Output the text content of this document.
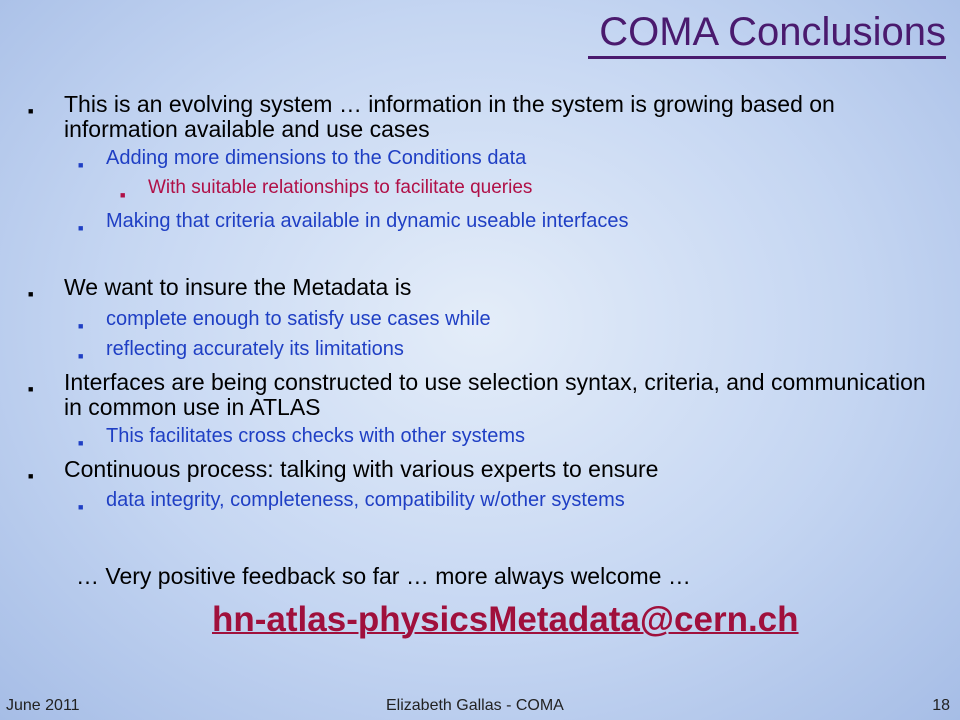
COMA Conclusions
■ This is an evolving system … information in the system is growing based on information available and use cases
■ Adding more dimensions to the Conditions data
■ With suitable relationships to facilitate queries
■ Making that criteria available in dynamic useable interfaces
■ We want to insure the Metadata is
■ complete enough to satisfy use cases while
■ reflecting accurately its limitations
■ Interfaces are being constructed to use selection syntax, criteria, and communication in common use in ATLAS
■ This facilitates cross checks with other systems
■ Continuous process: talking with various experts to ensure
■ data integrity, completeness, compatibility w/other systems
… Very positive feedback so far … more always welcome …
hn-atlas-physicsMetadata@cern.ch
June 2011	Elizabeth Gallas - COMA	18
